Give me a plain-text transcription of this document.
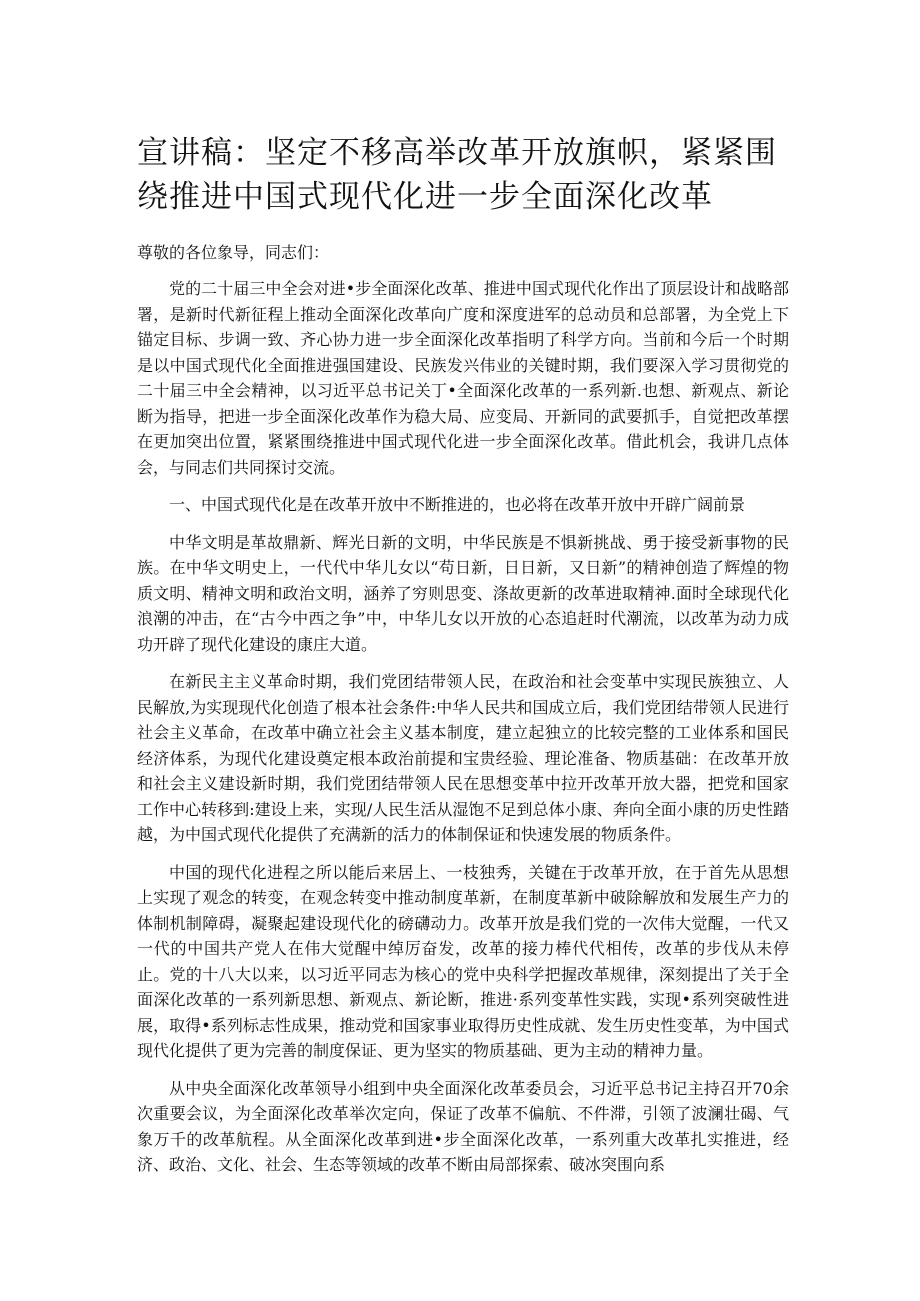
宣讲稿：坚定不移高举改革开放旗帜，紧紧围绕推进中国式现代化进一步全面深化改革

尊敬的各位象导，同志们：

党的二十届三中全会对进•步全面深化改革、推进中国式现代化作出了顶层设计和战略部署，是新时代新征程上推动全面深化改革向广度和深度进军的总动员和总部署，为全党上下锚定目标、步调一致、齐心协力进一步全面深化改革指明了科学方向。当前和今后一个时期是以中国式现代化全面推进强国建设、民族发兴伟业的关键时期，我们要深入学习贯彻党的二十届三中全会精神，以习近平总书记关丁•全面深化改革的一系列新.也想、新观点、新论断为指导，把进一步全面深化改革作为稳大局、应变局、开新同的武要抓手，自觉把改革摆在更加突出位置，紧紧围绕推进中国式现代化进一步全面深化改革。借此机会，我讲几点体会，与同志们共同探讨交流。

一、中国式现代化是在改革开放中不断推进的，也必将在改革开放中开辟广阔前景

中华文明是革故鼎新、辉光日新的文明，中华民族是不惧新挑战、勇于接受新事物的民族。在中华文明史上，一代代中华儿女以“苟日新，日日新，又日新”的精神创造了辉煌的物质文明、精神文明和政治文明，涵养了穷则思变、涤故更新的改革进取精神.面时全球现代化浪潮的冲击，在“古今中西之争”中，中华儿女以开放的心态追赶时代潮流，以改革为动力成功开辟了现代化建设的康庄大道。

在新民主主义革命时期，我们党团结带领人民，在政治和社会变革中实现民族独立、人民解放,为实现现代化创造了根本社会条件:中华人民共和国成立后，我们党团结带领人民进行社会主义革命，在改革中确立社会主义基本制度，建立起独立的比较完整的工业体系和国民经济体系，为现代化建设奠定根本政治前提和宝贵经验、理论准备、物质基础：在改革开放和社会主义建设新时期，我们党团结带领人民在思想变革中拉开改革开放大器，把党和国家工作中心转移到:建设上来，实现/人民生活从湿饱不足到总体小康、奔向全面小康的历史性踏越，为中国式现代化提供了充满新的活力的体制保证和快速发展的物质条件。

中国的现代化进程之所以能后来居上、一枝独秀，关键在于改革开放，在于首先从思想上实现了观念的转变，在观念转变中推动制度革新，在制度革新中破除解放和发展生产力的体制机制障碍，凝聚起建设现代化的磅礴动力。改革开放是我们党的一次伟大觉醒，一代又一代的中国共产党人在伟大觉醒中绰厉奋发，改革的接力棒代代相传，改革的步伐从未停止。党的十八大以来，以习近平同志为核心的党中央科学把握改革规律，深刻提出了关于全面深化改革的一系列新思想、新观点、新论断，推进·系列变革性实践，实现•系列突破性进展，取得•系列标志性成果，推动党和国家事业取得历史性成就、发生历史性变革，为中国式现代化提供了更为完善的制度保证、更为坚实的物质基础、更为主动的精神力量。

从中央全面深化改革领导小组到中央全面深化改革委员会，习近平总书记主持召开70余次重要会议，为全面深化改革举次定向，保证了改革不偏航、不件滞，引领了波澜壮碣、气象万千的改革航程。从全面深化改革到进•步全面深化改革，一系列重大改革扎实推进，经济、政治、文化、社会、生态等领域的改革不断由局部探索、破冰突围向系
